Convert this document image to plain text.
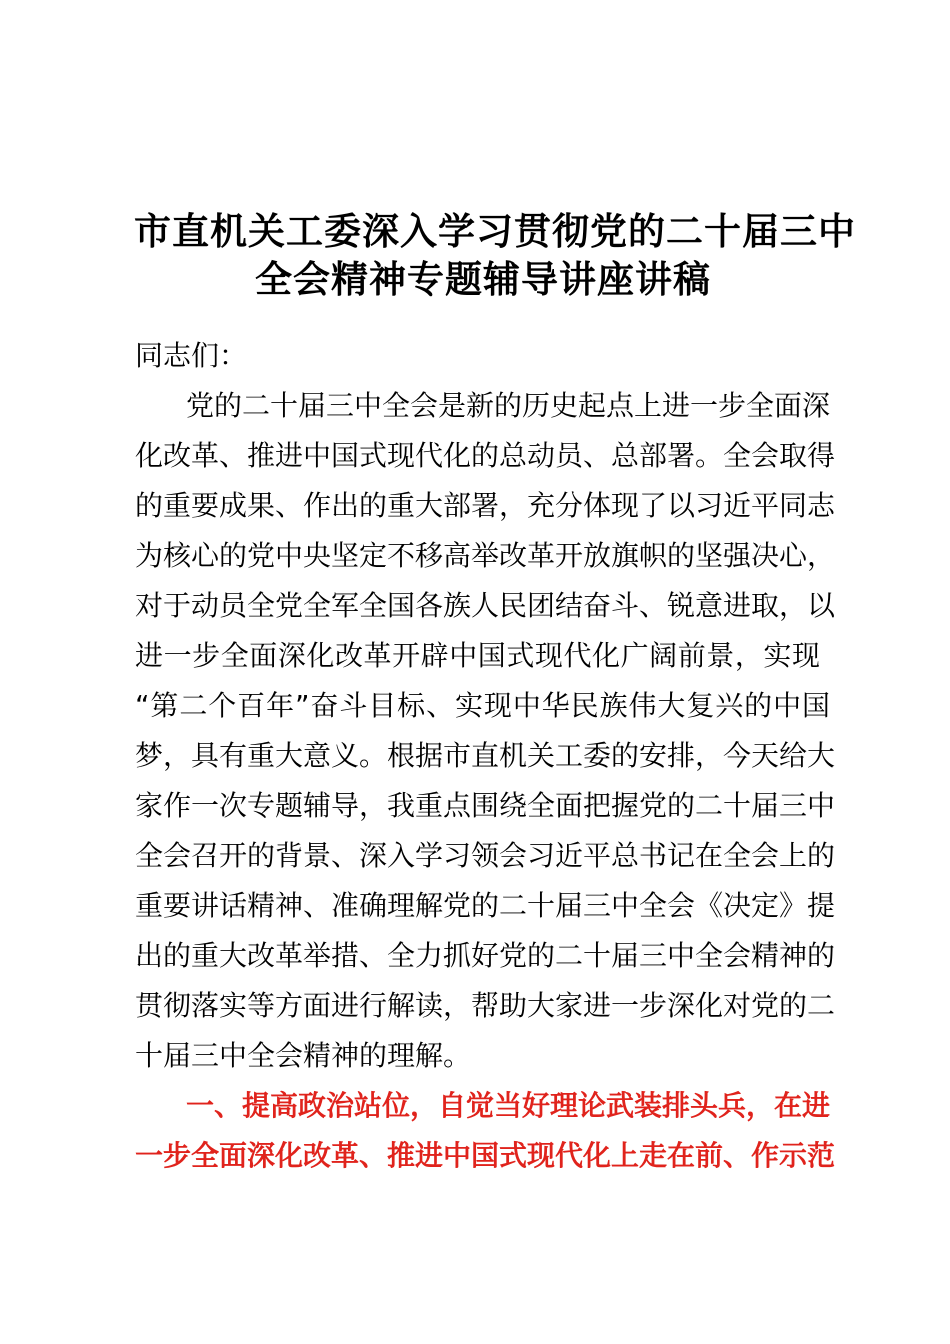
市直机关工委深入学习贯彻党的二十届三中
全会精神专题辅导讲座讲稿
同志们：
党的二十届三中全会是新的历史起点上进一步全面深
化改革、推进中国式现代化的总动员、总部署。全会取得
的重要成果、作出的重大部署，充分体现了以习近平同志
为核心的党中央坚定不移高举改革开放旗帜的坚强决心，
对于动员全党全军全国各族人民团结奋斗、锐意进取，以
进一步全面深化改革开辟中国式现代化广阔前景，实现
“第二个百年”奋斗目标、实现中华民族伟大复兴的中国
梦，具有重大意义。根据市直机关工委的安排，今天给大
家作一次专题辅导，我重点围绕全面把握党的二十届三中
全会召开的背景、深入学习领会习近平总书记在全会上的
重要讲话精神、准确理解党的二十届三中全会《决定》提
出的重大改革举措、全力抓好党的二十届三中全会精神的
贯彻落实等方面进行解读，帮助大家进一步深化对党的二
十届三中全会精神的理解。
一、提高政治站位，自觉当好理论武装排头兵，在进
一步全面深化改革、推进中国式现代化上走在前、作示范
